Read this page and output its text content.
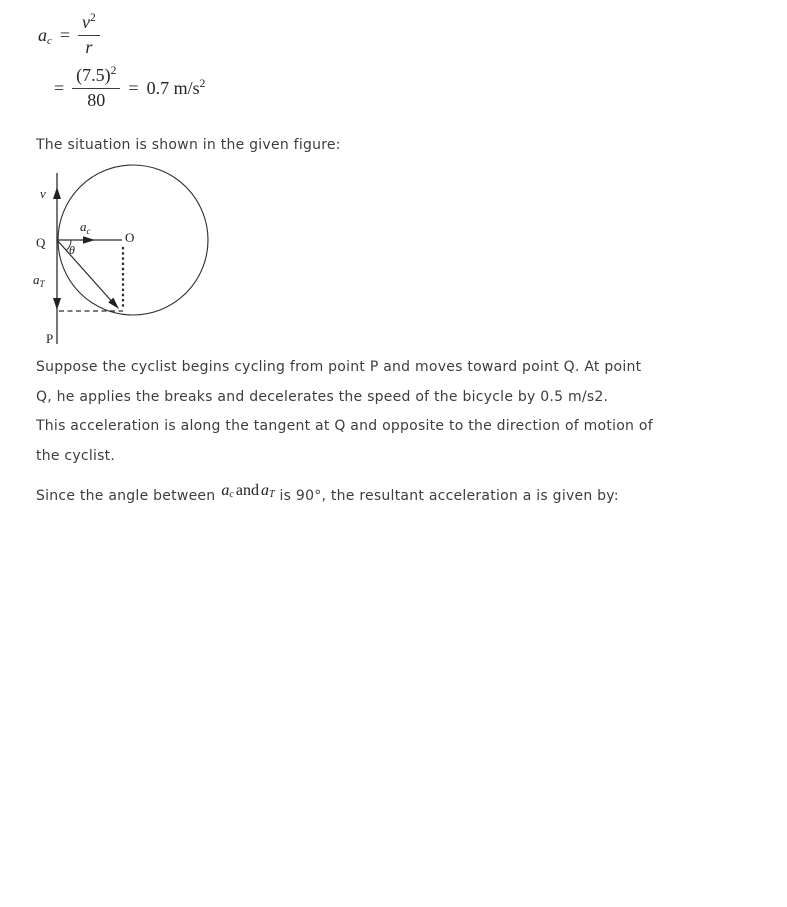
$a_c = \frac{v^2}{r}$
= $\frac{(7.5)^2}{80} = 0.7$ $m/s^2$
The situation is shown in the given figure:
v
Q	O
P
θ
$a_c$
$a_T$
Suppose the cyclist begins cycling from point P and moves toward point Q. At point
Q, he applies the breaks and decelerates the speed of the bicycle by 0.5 m/s2.
This acceleration is along the tangent at Q and opposite to the direction of motion of
the cyclist.
Since the angle between $a_c$ and $a_T$ is 90°, the resultant acceleration a is given by:
